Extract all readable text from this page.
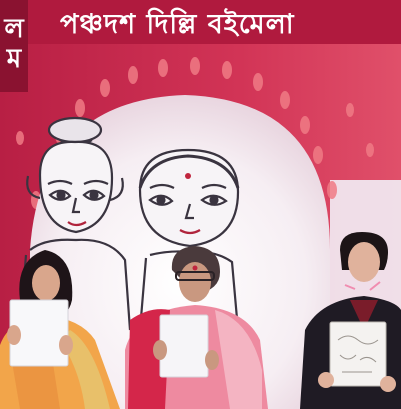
ল
ম
পঞ্চদশ দিল্লি বইমেলা
